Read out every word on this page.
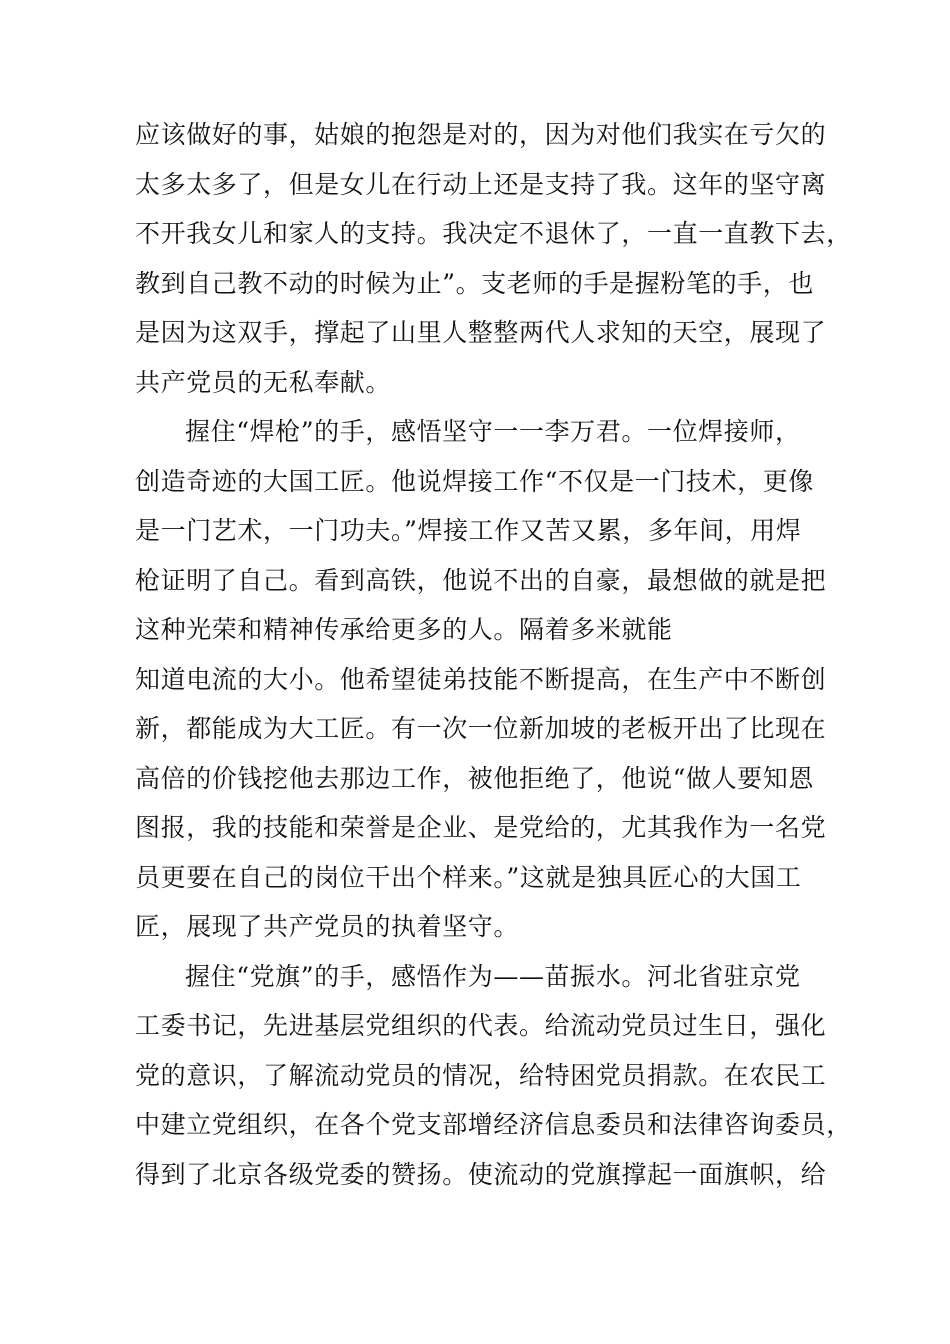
应该做好的事，姑娘的抱怨是对的，因为对他们我实在亏欠的
太多太多了，但是女儿在行动上还是支持了我。这年的坚守离
不开我女儿和家人的支持。我决定不退休了，一直一直教下去，
教到自己教不动的时候为止”。支老师的手是握粉笔的手，也
是因为这双手，撑起了山里人整整两代人求知的天空，展现了
共产党员的无私奉献。
握住“焊枪”的手，感悟坚守一一李万君。一位焊接师，
创造奇迹的大国工匠。他说焊接工作“不仅是一门技术，更像
是一门艺术，一门功夫。”焊接工作又苦又累，多年间，用焊
枪证明了自己。看到高铁，他说不出的自豪，最想做的就是把
这种光荣和精神传承给更多的人。隔着多米就能
知道电流的大小。他希望徒弟技能不断提高，在生产中不断创
新，都能成为大工匠。有一次一位新加坡的老板开出了比现在
高倍的价钱挖他去那边工作，被他拒绝了，他说“做人要知恩
图报，我的技能和荣誉是企业、是党给的，尤其我作为一名党
员更要在自己的岗位干出个样来。”这就是独具匠心的大国工
匠，展现了共产党员的执着坚守。
握住“党旗”的手，感悟作为——苗振水。河北省驻京党
工委书记，先进基层党组织的代表。给流动党员过生日，强化
党的意识，了解流动党员的情况，给特困党员捐款。在农民工
中建立党组织，在各个党支部增经济信息委员和法律咨询委员，
得到了北京各级党委的赞扬。使流动的党旗撑起一面旗帜，给
